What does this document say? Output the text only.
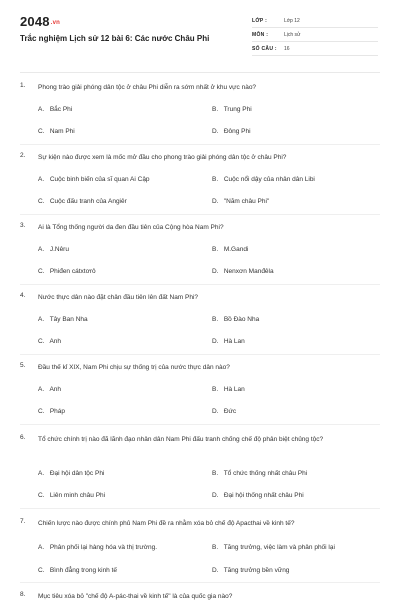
2048.vn
Trắc nghiệm Lịch sử 12 bài 6: Các nước Châu Phi
LỚP :	Lớp 12
MÔN :	Lịch sử
SỐ CÂU : 16
1. Phong trào giải phóng dân tộc ở châu Phi diễn ra sớm nhất ở khu vực nào?
A. Bắc Phi	B. Trung Phi
C. Nam Phi	D. Đông Phi
2. Sự kiện nào được xem là mốc mở đầu cho phong trào giải phóng dân tộc ở châu Phi?
A. Cuộc binh biến của sĩ quan Ai Cập	B. Cuộc nổi dậy của nhân dân Libi
C. Cuộc đấu tranh của Angiêr	D. "Năm châu Phi"
3. Ai là Tổng thống người da đen đầu tiên của Cộng hòa Nam Phi?
A. J.Nêru	B. M.Gandi
C. Phiđen cátxtơrô	D. Nenxơn Manđêla
4. Nước thực dân nào đặt chân đầu tiên lên đất Nam Phi?
A. Tây Ban Nha	B. Bồ Đào Nha
C. Anh	D. Hà Lan
5. Đầu thế kỉ XIX, Nam Phi chịu sự thống trị của nước thực dân nào?
A. Anh	B. Hà Lan
C. Pháp	D. Đức
6. Tổ chức chính trị nào đã lãnh đạo nhân dân Nam Phi đấu tranh chống chế độ phân biệt chủng tộc?
A. Đại hội dân tộc Phi	B. Tổ chức thống nhất châu Phi
C. Liên minh châu Phi	D. Đại hội thống nhất châu Phi
7. Chiến lược nào được chính phủ Nam Phi đề ra nhằm xóa bỏ chế độ Apacthai về kinh tế?
A. Phân phối lại hàng hóa và thị trường.	B. Tăng trưởng, việc làm và phân phối lại
C. Bình đẳng trong kinh tế	D. Tăng trưởng bền vững
8. Mục tiêu xóa bỏ "chế độ A-pác-thai về kinh tế" là của quốc gia nào?
